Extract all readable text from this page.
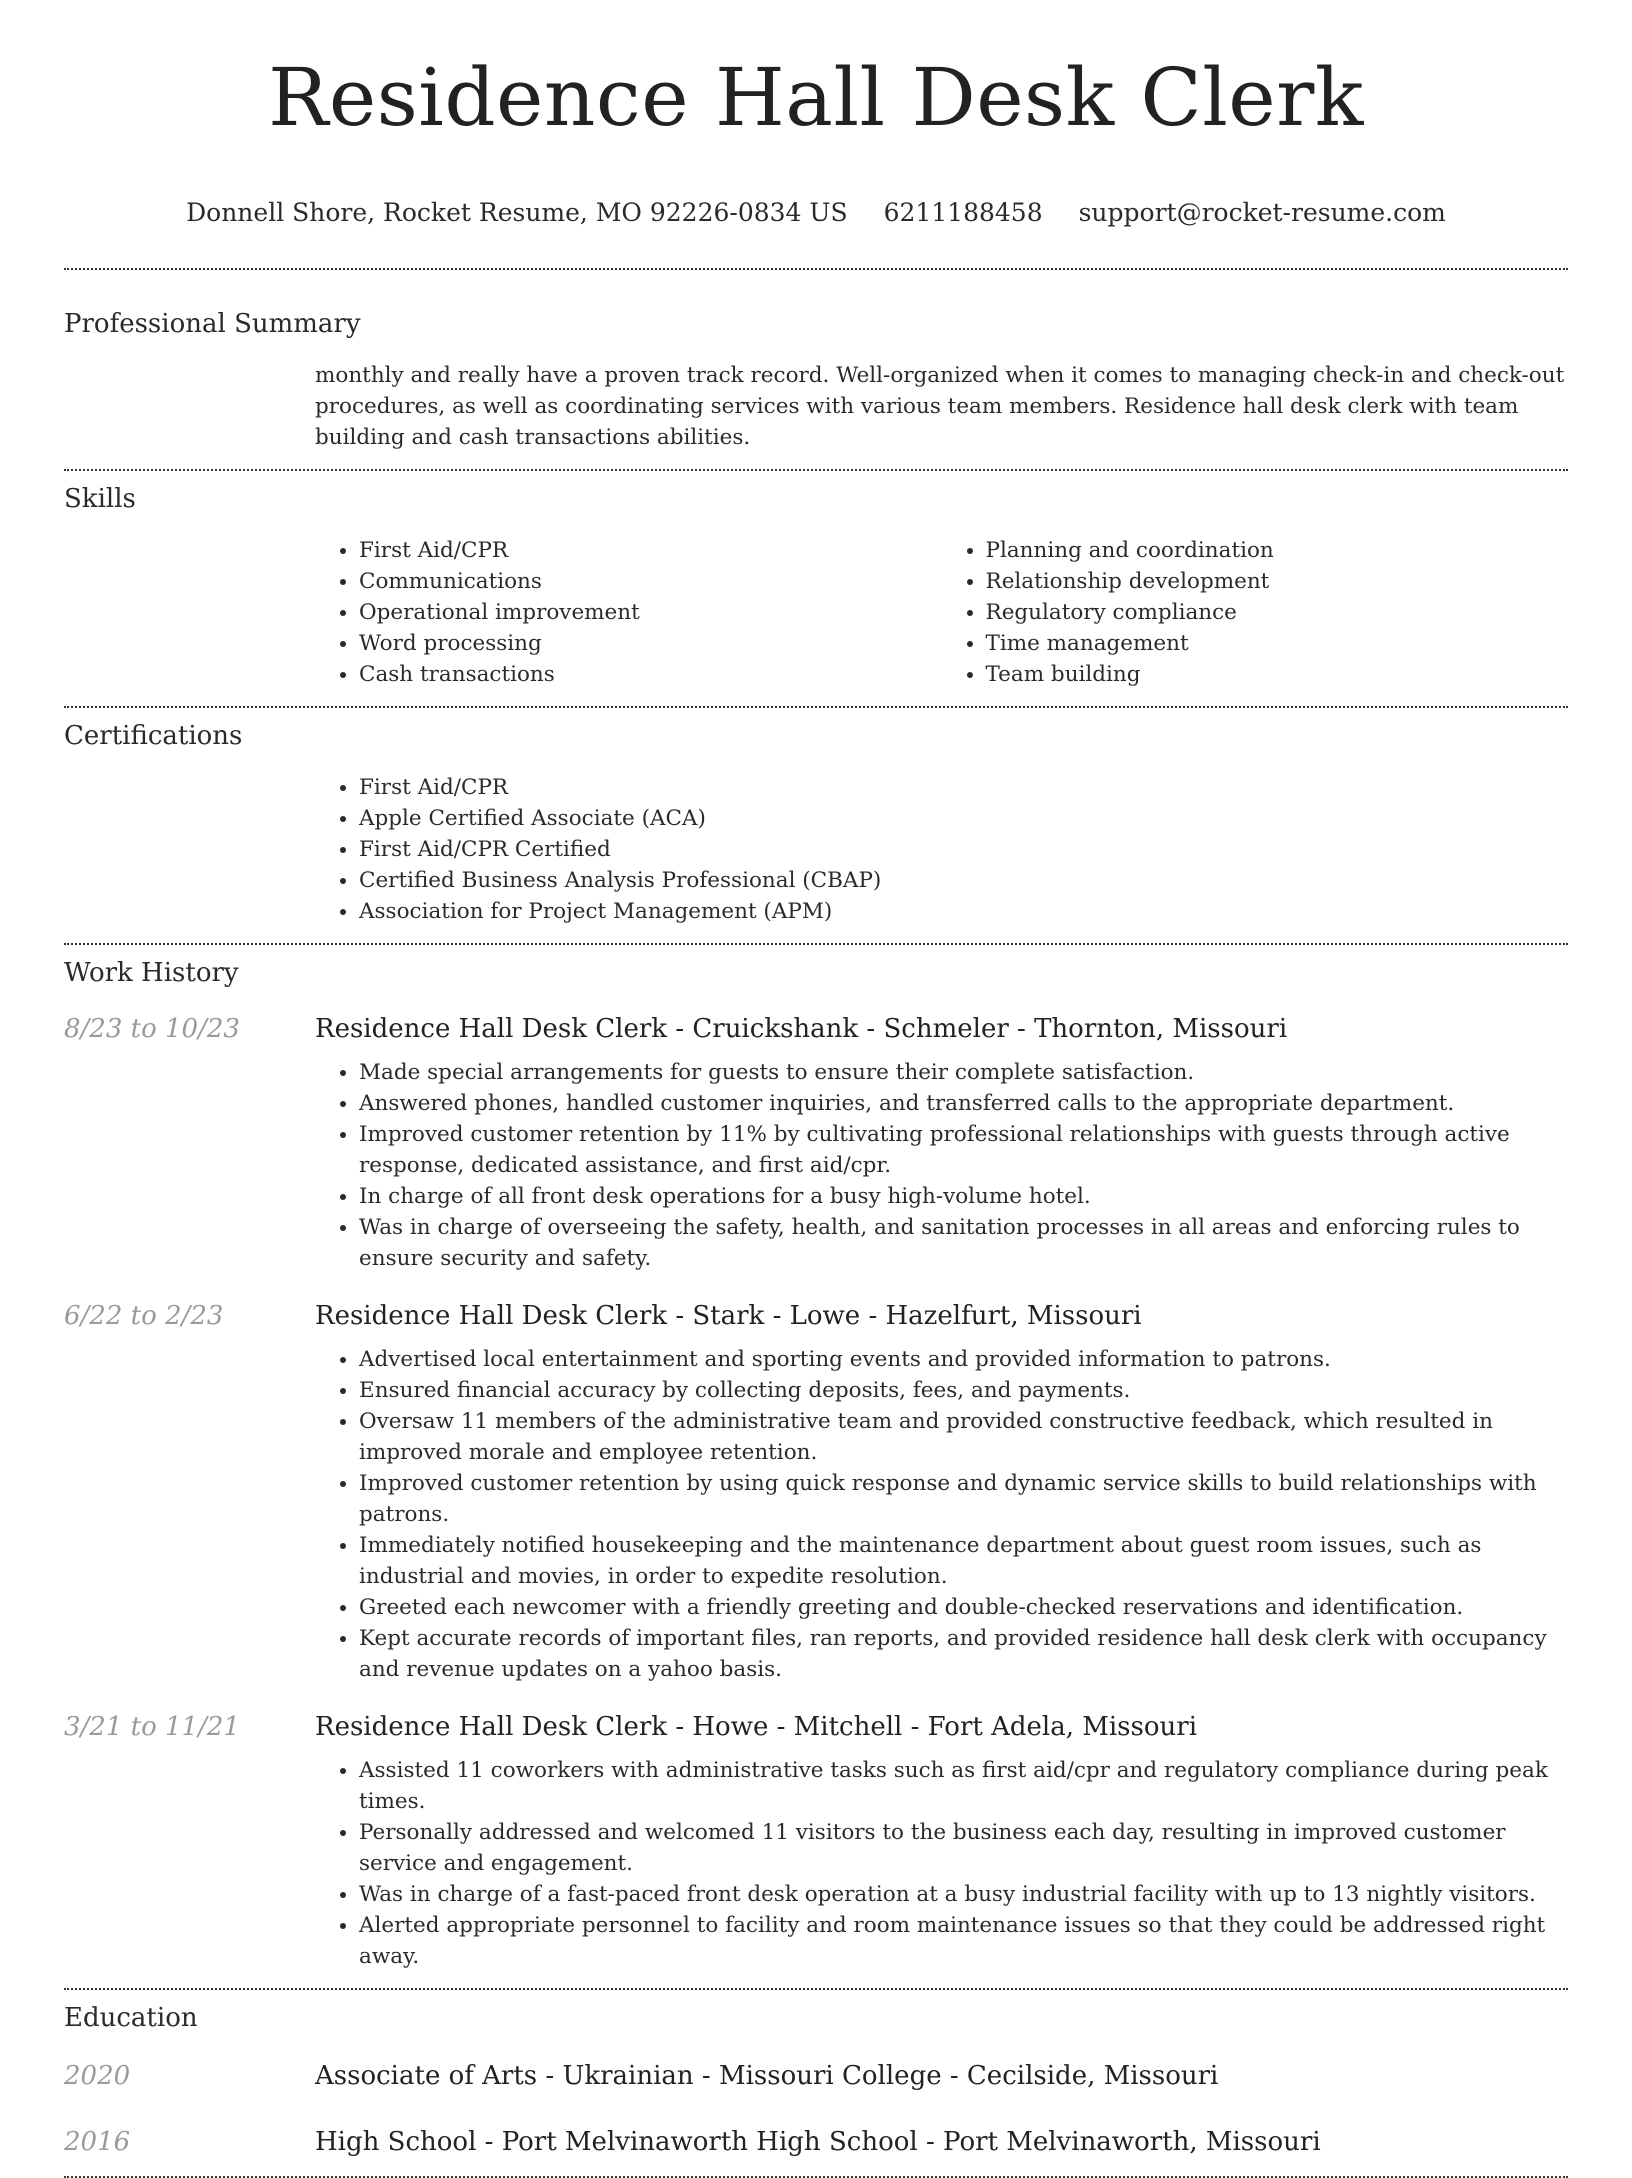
Residence Hall Desk Clerk
Donnell Shore, Rocket Resume, MO 92226-0834 US 6211188458 support@rocket-resume.com
Professional Summary
monthly and really have a proven track record. Well-organized when it comes to managing check-in and check-out procedures, as well as coordinating services with various team members. Residence hall desk clerk with team building and cash transactions abilities.
Skills
• First Aid/CPR
• Communications
• Operational improvement
• Word processing
• Cash transactions
• Planning and coordination
• Relationship development
• Regulatory compliance
• Time management
• Team building
Certifications
• First Aid/CPR
• Apple Certified Associate (ACA)
• First Aid/CPR Certified
• Certified Business Analysis Professional (CBAP)
• Association for Project Management (APM)
Work History
8/23 to 10/23	Residence Hall Desk Clerk - Cruickshank - Schmeler - Thornton, Missouri
• Made special arrangements for guests to ensure their complete satisfaction.
• Answered phones, handled customer inquiries, and transferred calls to the appropriate department.
• Improved customer retention by 11% by cultivating professional relationships with guests through active response, dedicated assistance, and first aid/cpr.
• In charge of all front desk operations for a busy high-volume hotel.
• Was in charge of overseeing the safety, health, and sanitation processes in all areas and enforcing rules to ensure security and safety.
6/22 to 2/23	Residence Hall Desk Clerk - Stark - Lowe - Hazelfurt, Missouri
• Advertised local entertainment and sporting events and provided information to patrons.
• Ensured financial accuracy by collecting deposits, fees, and payments.
• Oversaw 11 members of the administrative team and provided constructive feedback, which resulted in improved morale and employee retention.
• Improved customer retention by using quick response and dynamic service skills to build relationships with patrons.
• Immediately notified housekeeping and the maintenance department about guest room issues, such as industrial and movies, in order to expedite resolution.
• Greeted each newcomer with a friendly greeting and double-checked reservations and identification.
• Kept accurate records of important files, ran reports, and provided residence hall desk clerk with occupancy and revenue updates on a yahoo basis.
3/21 to 11/21	Residence Hall Desk Clerk - Howe - Mitchell - Fort Adela, Missouri
• Assisted 11 coworkers with administrative tasks such as first aid/cpr and regulatory compliance during peak times.
• Personally addressed and welcomed 11 visitors to the business each day, resulting in improved customer service and engagement.
• Was in charge of a fast-paced front desk operation at a busy industrial facility with up to 13 nightly visitors.
• Alerted appropriate personnel to facility and room maintenance issues so that they could be addressed right away.
Education
2020	Associate of Arts - Ukrainian - Missouri College - Cecilside, Missouri
2016	High School - Port Melvinaworth High School - Port Melvinaworth, Missouri
